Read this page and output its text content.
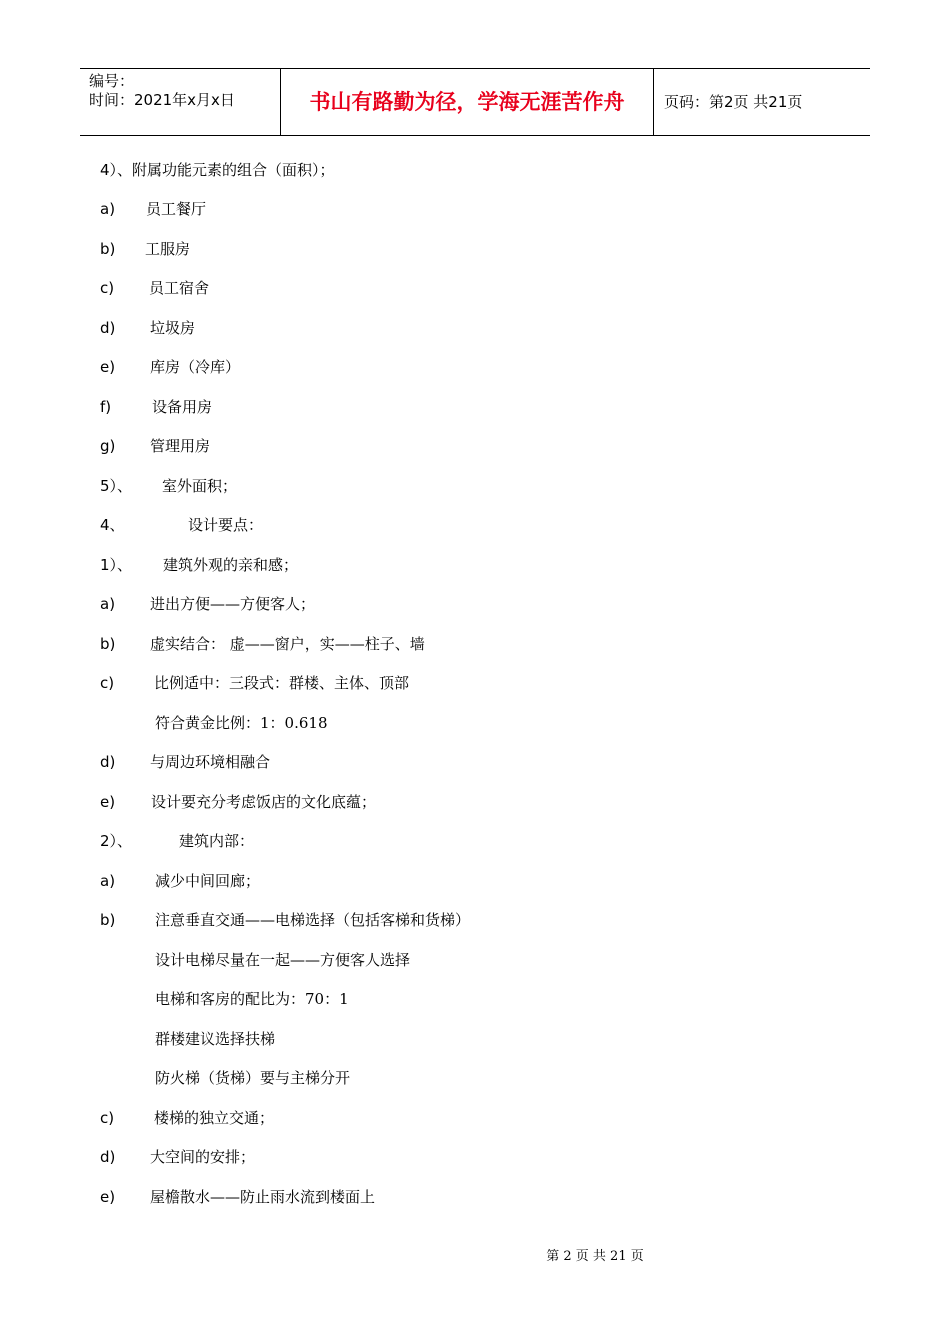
编号：
时间：2021年x月x日	书山有路勤为径，学海无涯苦作舟	页码：第2页 共21页
4）、附属功能元素的组合（面积）；
a) 员工餐厅
b) 工服房
c) 员工宿舍
d) 垃圾房
e) 库房（冷库）
f)	设备用房
g) 管理用房
5）、 室外面积；
4、	设计要点：
1）、 建筑外观的亲和感；
a) 进出方便——方便客人；
b) 虚实结合： 虚——窗户，实——柱子、墙
c)	比例适中：三段式：群楼、主体、顶部
符合黄金比例：1：0.618
d) 与周边环境相融合
e) 设计要充分考虑饭店的文化底蕴；
2）、	建筑内部：
a)	减少中间回廊；
b)	注意垂直交通——电梯选择（包括客梯和货梯）
设计电梯尽量在一起——方便客人选择
电梯和客房的配比为：70：1
群楼建议选择扶梯
防火梯（货梯）要与主梯分开
c)	楼梯的独立交通；
d) 大空间的安排；
e) 屋檐散水——防止雨水流到楼面上
第 2 页 共 21 页
